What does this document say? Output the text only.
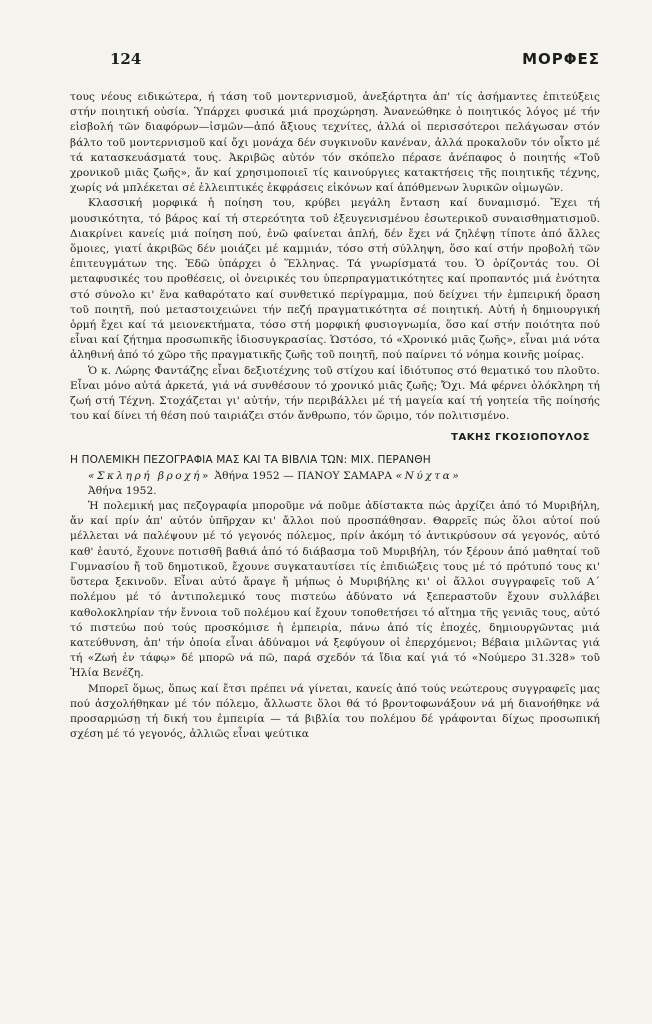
124	ΜΟΡΦΕΣ

τους νέους ειδικώτερα, ή τάση τοῦ μοντερνισμοῦ, ἀνεξάρτητα ἀπ' τίς ἀσήμαντες ἐπιτεύξεις στήν ποιητική οὐσία. Ὑπάρχει φυσικά μιά προχώρηση. Ἀνανεώθηκε ὁ ποιητικός λόγος μέ τήν εἰσβολή τῶν διαφόρων—ἰσμῶν—ἀπό ἄξιους τεχνίτες, ἀλλά οἱ περισσότεροι πελάγωσαν στόν βάλτο τοῦ μοντερνισμοῦ καί ὄχι μονάχα δέν συγκινοῦν κανέναν, ἀλλά προκαλοῦν τόν οἶκτο μέ τά κατασκευάσματά τους. Ἀκριβῶς αὐτόν τόν σκόπελο πέρασε ἀνέπαφος ὁ ποιητής «Τοῦ χρονικοῦ μιᾶς ζωῆς», ἄν καί χρησιμοποιεῖ τίς καινούργιες κατακτήσεις τῆς ποιητικῆς τέχνης, χωρίς νά μπλέκεται σέ ἐλλειπτικές ἐκφράσεις εἰκόνων καί ἀπόθμενων λυρικῶν οἰμωγῶν.

Κλασσική μορφικά ἡ ποίηση του, κρύβει μεγάλη ἔνταση καί δυναμισμό. Ἔχει τή μουσικότητα, τό βάρος καί τή στερεότητα τοῦ ἐξευγενισμένου ἐσωτερικοῦ συναισθηματισμοῦ. Διακρίνει κανείς μιά ποίηση πού, ἐνῶ φαίνεται ἁπλή, δέν ἔχει νά ζηλέψῃ τίποτε ἀπό ἄλλες ὅμοιες, γιατί ἀκριβῶς δέν μοιάζει μέ καμμιάν, τόσο στή σύλληψη, ὅσο καί στήν προβολή τῶν ἐπιτευγμάτων της. Ἐδῶ ὑπάρχει ὁ Ἕλληνας. Τά γνωρίσματά του. Ὁ ὁρίζοντάς του. Οἱ μεταφυσικές του προθέσεις, οἱ ὀνειρικές του ὑπερπραγματικότητες καί προπαντός μιά ἑνότητα στό σύνολο κι' ἕνα καθαρότατο καί συνθετικό περίγραμμα, πού δείχνει τήν ἐμπειρική ὅραση τοῦ ποιητῆ, πού μεταστοιχειώνει τήν πεζή πραγματικότητα σέ ποιητική. Αὐτή ἡ δημιουργική ὁρμή ἔχει καί τά μειονεκτήματα, τόσο στή μορφική φυσιογνωμία, ὅσο καί στήν ποιότητα πού εἶναι καί ζήτημα προσωπικῆς ἰδιοσυγκρασίας. Ὡστόσο, τό «Χρονικό μιᾶς ζωῆς», εἶναι μιά νότα ἀληθινή ἀπό τό χῶρο τῆς πραγματικῆς ζωῆς τοῦ ποιητῆ, πού παίρνει τό νόημα κοινῆς μοίρας.

Ὁ κ. Λώρης Φαντάζης εἶναι δεξιοτέχνης τοῦ στίχου καί ἰδιότυπος στό θεματικό του πλοῦτο. Εἶναι μόνο αὐτά ἀρκετά, γιά νά συνθέσουν τό χρονικό μιᾶς ζωῆς; Ὄχι. Μά φέρνει ὁλόκληρη τή ζωή στή Τέχνη. Στοχάζεται γι' αὐτήν, τήν περιβάλλει μέ τή μαγεία καί τή γοητεία τῆς ποίησής του καί δίνει τή θέση πού ταιριάζει στόν ἄνθρωπο, τόν ὥριμο, τόν πολιτισμένο.

ΤΑΚΗΣ ΓΚΟΣΙΟΠΟΥΛΟΣ

Η ΠΟΛΕΜΙΚΗ ΠΕΖΟΓΡΑΦΙΑ ΜΑΣ ΚΑΙ ΤΑ ΒΙΒΛΙΑ ΤΩΝ: ΜΙΧ. ΠΕΡΑΝΘΗ

«Σκληρή βροχή» Ἀθήνα 1952 — ΠΑΝΟΥ ΣΑΜΑΡΑ «Νύχτα»
Ἀθήνα 1952.

Ἡ πολεμική μας πεζογραφία μποροῦμε νά ποῦμε ἀδίστακτα πώς ἀρχίζει ἀπό τό Μυριβήλη, ἄν καί πρίν ἀπ' αὐτόν ὑπῆρχαν κι' ἄλλοι πού προσπάθησαν. Θαρρεῖς πώς ὅλοι αὐτοί πού μέλλεται νά παλέψουν μέ τό γεγονός πόλεμος, πρίν ἀκόμη τό ἀντικρύσουν σά γεγονός, αὐτό καθ' ἑαυτό, ἔχουνε ποτισθῆ βαθιά ἀπό τό διάβασμα τοῦ Μυριβήλη, τόν ξέρουν ἀπό μαθηταί τοῦ Γυμνασίου ἤ τοῦ δημοτικοῦ, ἔχουνε συγκαταυτίσει τίς ἐπιδιώξεις τους μέ τό πρότυπό τους κι' ὕστερα ξεκινοῦν. Εἶναι αὐτό ἄραγε ἤ μήπως ὁ Μυριβήλης κι' οἱ ἄλλοι συγγραφεῖς τοῦ Α΄ πολέμου μέ τό ἀντιπολεμικό τους πιστεύω ἀδύνατο νά ξεπεραστοῦν ἔχουν συλλάβει καθολοκληρίαν τήν ἔννοια τοῦ πολέμου καί ἔχουν τοποθετήσει τό αἴτημα τῆς γενιᾶς τους, αὐτό τό πιστεύω πού τούς προσκόμισε ἡ ἐμπειρία, πάνω ἀπό τίς ἐποχές, δημιουργῶντας μιά κατεύθυνση, ἀπ' τήν ὁποία εἶναι ἀδύναμοι νά ξεφύγουν οἱ ἐπερχόμενοι; Βέβαια μιλῶντας γιά τή «Ζωή ἐν τάφῳ» δέ μπορῶ νά πῶ, παρά σχεδόν τά ἴδια καί γιά τό «Νούμερο 31.328» τοῦ Ἠλία Βενέζη.

Μπορεῖ ὅμως, ὅπως καί ἔτσι πρέπει νά γίνεται, κανείς ἀπό τούς νεώτερους συγγραφεῖς μας πού ἀσχολήθηκαν μέ τόν πόλεμο, ἄλλωστε ὅλοι θά τό βροντοφωνάξουν νά μή διανοήθηκε νά προσαρμώσῃ τή δική του ἐμπειρία — τά βιβλία του πολέμου δέ γράφονται δίχως προσωπική σχέση μέ τό γεγονός, ἀλλιῶς εἶναι ψεύτικα
